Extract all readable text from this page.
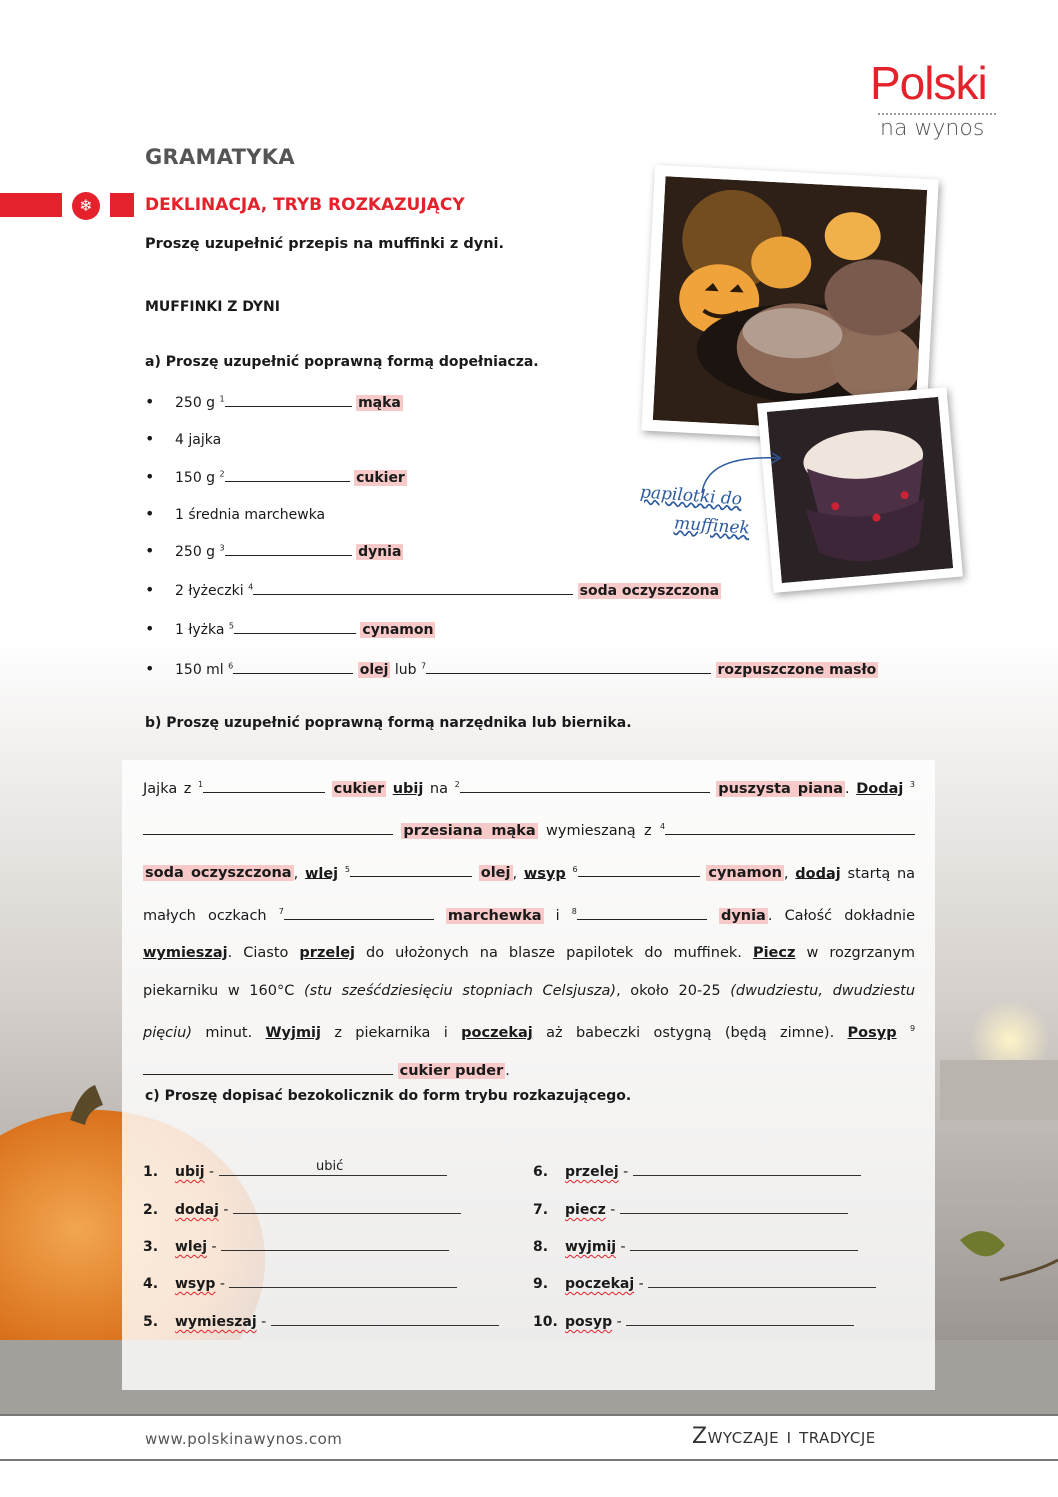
Polski
na wynos
GRAMATYKA
❄	DEKLINACJA, TRYB ROZKAZUJĄCY
Proszę uzupełnić przepis na muffinki z dyni.
MUFFINKI Z DYNI
a) Proszę uzupełnić poprawną formą dopełniacza.
papilotki do
muffinek
• 250 g $^1$	mąka
• 4 jajka
• 150 g $^2$	cukier
• 1 średnia marchewka
• 250 g $^3$	dynia
• 2 łyżeczki $^4$	soda oczyszczona
• 1 łyżka $^5$	cynamon
• 150 ml $^6$	olej lub $^7$	rozpuszczone masło
b) Proszę uzupełnić poprawną formą narzędnika lub biernika.
Jajka z $^1$	cukier ubij na $^2$	puszysta piana . Dodaj $^3$ przesiana mąka wymieszaną z $^4$ soda oczyszczona , wlej $^5$	olej , wsyp $^6$	cynamon , dodaj startą na małych oczkach $^7$	marchewka i $^8$	dynia . Całość dokładnie wymieszaj. Ciasto przelej do ułożonych na blasze papilotek do muffinek. Piecz w rozgrzanym piekarniku w 160°C (stu sześćdziesięciu stopniach Celsjusza), około 20-25 (dwudziestu, dwudziestu pięciu) minut. Wyjmij z piekarnika i poczekaj aż babeczki ostygną (będą zimne). Posyp $^9$ cukier puder .
c) Proszę dopisać bezokolicznik do form trybu rozkazującego.
ubić
1. ubij -
2. dodaj -
3. wlej -
4. wsyp -
5. wymieszaj -
6. przelej -
7. piecz -
8. wyjmij -
9. poczekaj -
10. posyp -
www.polskinawynos.com	Zwyczaje i tradycje
